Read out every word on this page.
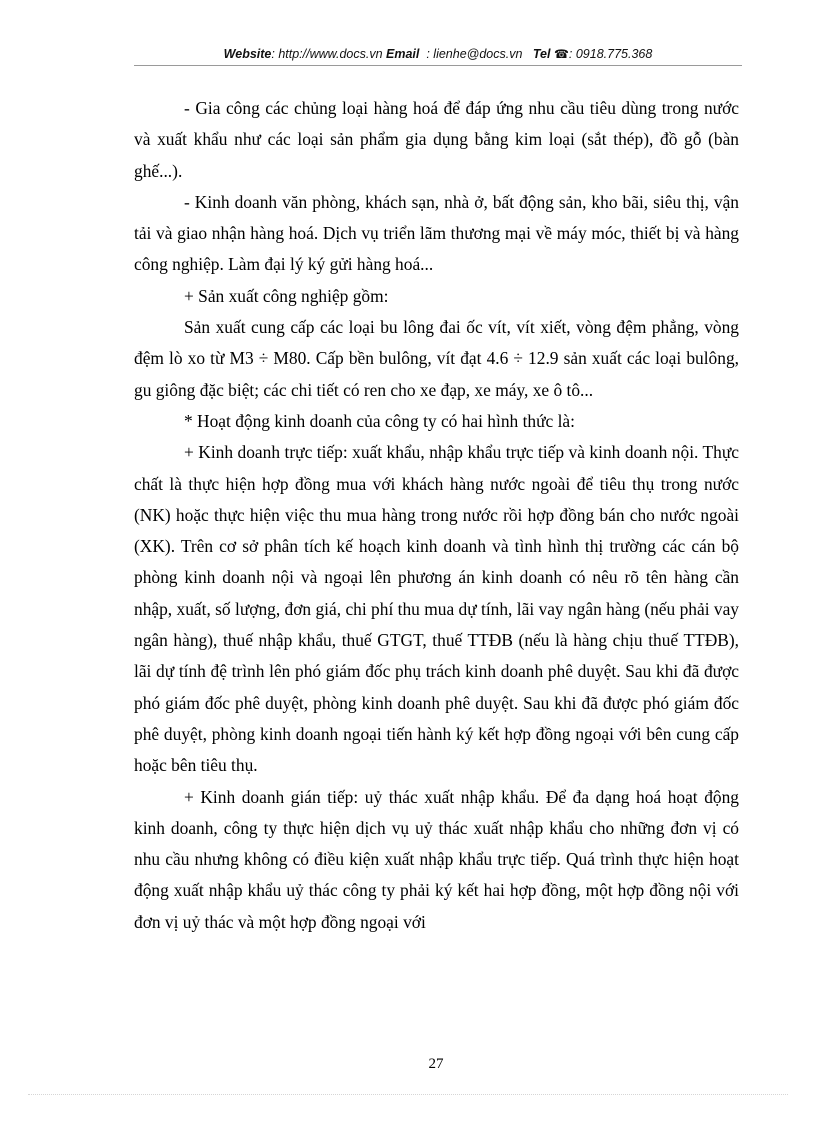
Website: http://www.docs.vn Email  : lienhe@docs.vn Tel ☎: 0918.775.368

- Gia công các chủng loại hàng hoá để đáp ứng nhu cầu tiêu dùng trong nước và xuất khẩu như các loại sản phẩm gia dụng bằng kim loại (sắt thép), đồ gỗ (bàn ghế...).

- Kinh doanh văn phòng, khách sạn, nhà ở, bất động sản, kho bãi, siêu thị, vận tải và giao nhận hàng hoá. Dịch vụ triển lãm thương mại về máy móc, thiết bị và hàng công nghiệp. Làm đại lý ký gửi hàng hoá...

+ Sản xuất công nghiệp gồm:

Sản xuất cung cấp các loại bu lông đai ốc vít, vít xiết, vòng đệm phẳng, vòng đệm lò xo từ M3 ÷ M80. Cấp bền bulông, vít đạt 4.6 ÷ 12.9 sản xuất các loại bulông, gu giông đặc biệt; các chi tiết có ren cho xe đạp, xe máy, xe ô tô...

* Hoạt động kinh doanh của công ty có hai hình thức là:

+ Kinh doanh trực tiếp: xuất khẩu, nhập khẩu trực tiếp và kinh doanh nội. Thực chất là thực hiện hợp đồng mua với khách hàng nước ngoài để tiêu thụ trong nước (NK) hoặc thực hiện việc thu mua hàng trong nước rồi hợp đồng bán cho nước ngoài (XK). Trên cơ sở phân tích kế hoạch kinh doanh và tình hình thị trường các cán bộ phòng kinh doanh nội và ngoại lên phương án kinh doanh có nêu rõ tên hàng cần nhập, xuất, số lượng, đơn giá, chi phí thu mua dự tính, lãi vay ngân hàng (nếu phải vay ngân hàng), thuế nhập khẩu, thuế GTGT, thuế TTĐB (nếu là hàng chịu thuế TTĐB), lãi dự tính đệ trình lên phó giám đốc phụ trách kinh doanh phê duyệt. Sau khi đã được phó giám đốc phê duyệt, phòng kinh doanh phê duyệt. Sau khi đã được phó giám đốc phê duyệt, phòng kinh doanh ngoại tiến hành ký kết hợp đồng ngoại với bên cung cấp hoặc bên tiêu thụ.

+ Kinh doanh gián tiếp: uỷ thác xuất nhập khẩu. Để đa dạng hoá hoạt động kinh doanh, công ty thực hiện dịch vụ uỷ thác xuất nhập khẩu cho những đơn vị có nhu cầu nhưng không có điều kiện xuất nhập khẩu trực tiếp. Quá trình thực hiện hoạt động xuất nhập khẩu uỷ thác công ty phải ký kết hai hợp đồng, một hợp đồng nội với đơn vị uỷ thác và một hợp đồng ngoại với

27
